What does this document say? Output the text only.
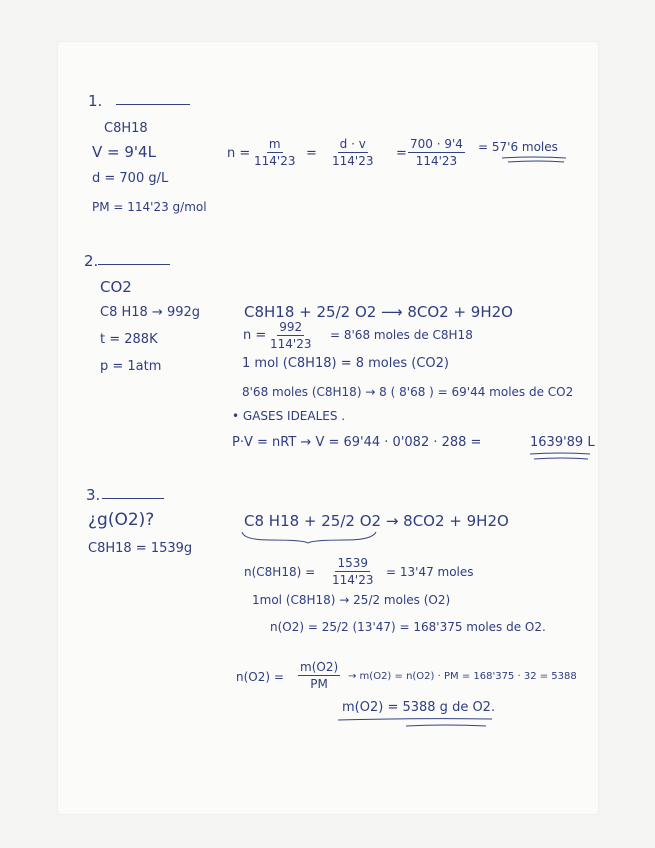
1.
C8H18
V = 9'4L
d = 700 g/L
PM = 114'23 g/mol
$n = \frac{m}{114'23} = \frac{d \cdot v}{114'23} = \frac{700 \cdot 9'4}{114'23} = 57'6$ moles
2.
CO2
C8 H18 → 992g
t = 288K
p = 1atm
C8H18 + 25/2 O2 ⟶ 8CO2 + 9H2O
$n = \frac{992}{114'23} = 8'68$ moles de C8H18
1 mol (C8H18) = 8 moles (CO2)
8'68 moles (C8H18) → 8 ( 8'68 ) = 69'44 moles de CO2
• GASES IDEALES .
P·V = nRT → V = 69'44 · 0'082 · 288 =	1639'89 L
3.
¿g(O2)?
C8H18 = 1539g
C8 H18 + 25/2 O2 → 8CO2 + 9H2O
$n(C8H18) = \frac{1539}{114'23} = 13'47$ moles
1mol (C8H18) → 25/2 moles (O2)
n(O2) = 25/2 (13'47) = 168'375 moles de O2.
$n(O2) = \frac{m(O2)}{PM} \to m(O2) = n(O2)$ · PM = 168'375 · 32 = 5388
m(O2) = 5388 g de O2.
